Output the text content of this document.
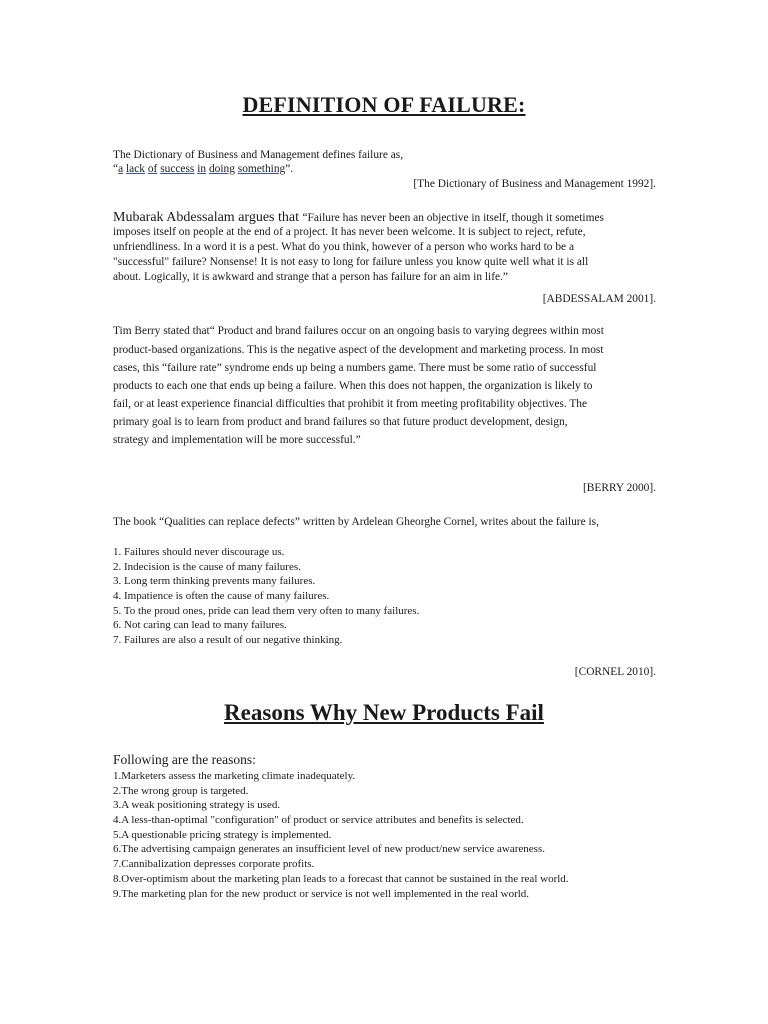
DEFINITION OF FAILURE:
The Dictionary of Business and Management defines failure as,
“a lack of success in doing something”.
[The Dictionary of Business and Management 1992].
Mubarak Abdessalam argues that “Failure has never been an objective in itself, though it sometimes
imposes itself on people at the end of a project. It has never been welcome. It is subject to reject, refute,
unfriendliness. In a word it is a pest. What do you think, however of a person who works hard to be a
"successful" failure? Nonsense! It is not easy to long for failure unless you know quite well what it is all
about. Logically, it is awkward and strange that a person has failure for an aim in life.”
[ABDESSALAM 2001].
Tim Berry stated that“ Product and brand failures occur on an ongoing basis to varying degrees within most
product-based organizations. This is the negative aspect of the development and marketing process. In most
cases, this “failure rate” syndrome ends up being a numbers game. There must be some ratio of successful
products to each one that ends up being a failure. When this does not happen, the organization is likely to
fail, or at least experience financial difficulties that prohibit it from meeting profitability objectives. The
primary goal is to learn from product and brand failures so that future product development, design,
strategy and implementation will be more successful.”
[BERRY 2000].
The book “Qualities can replace defects” written by Ardelean Gheorghe Cornel, writes about the failure is,
1. Failures should never discourage us.
2. Indecision is the cause of many failures.
3. Long term thinking prevents many failures.
4. Impatience is often the cause of many failures.
5. To the proud ones, pride can lead them very often to many failures.
6. Not caring can lead to many failures.
7. Failures are also a result of our negative thinking.
[CORNEL 2010].
Reasons Why New Products Fail
Following are the reasons:
1.Marketers assess the marketing climate inadequately.
2.The wrong group is targeted.
3.A weak positioning strategy is used.
4.A less-than-optimal "configuration" of product or service attributes and benefits is selected.
5.A questionable pricing strategy is implemented.
6.The advertising campaign generates an insufficient level of new product/new service awareness.
7.Cannibalization depresses corporate profits.
8.Over-optimism about the marketing plan leads to a forecast that cannot be sustained in the real world.
9.The marketing plan for the new product or service is not well implemented in the real world.
